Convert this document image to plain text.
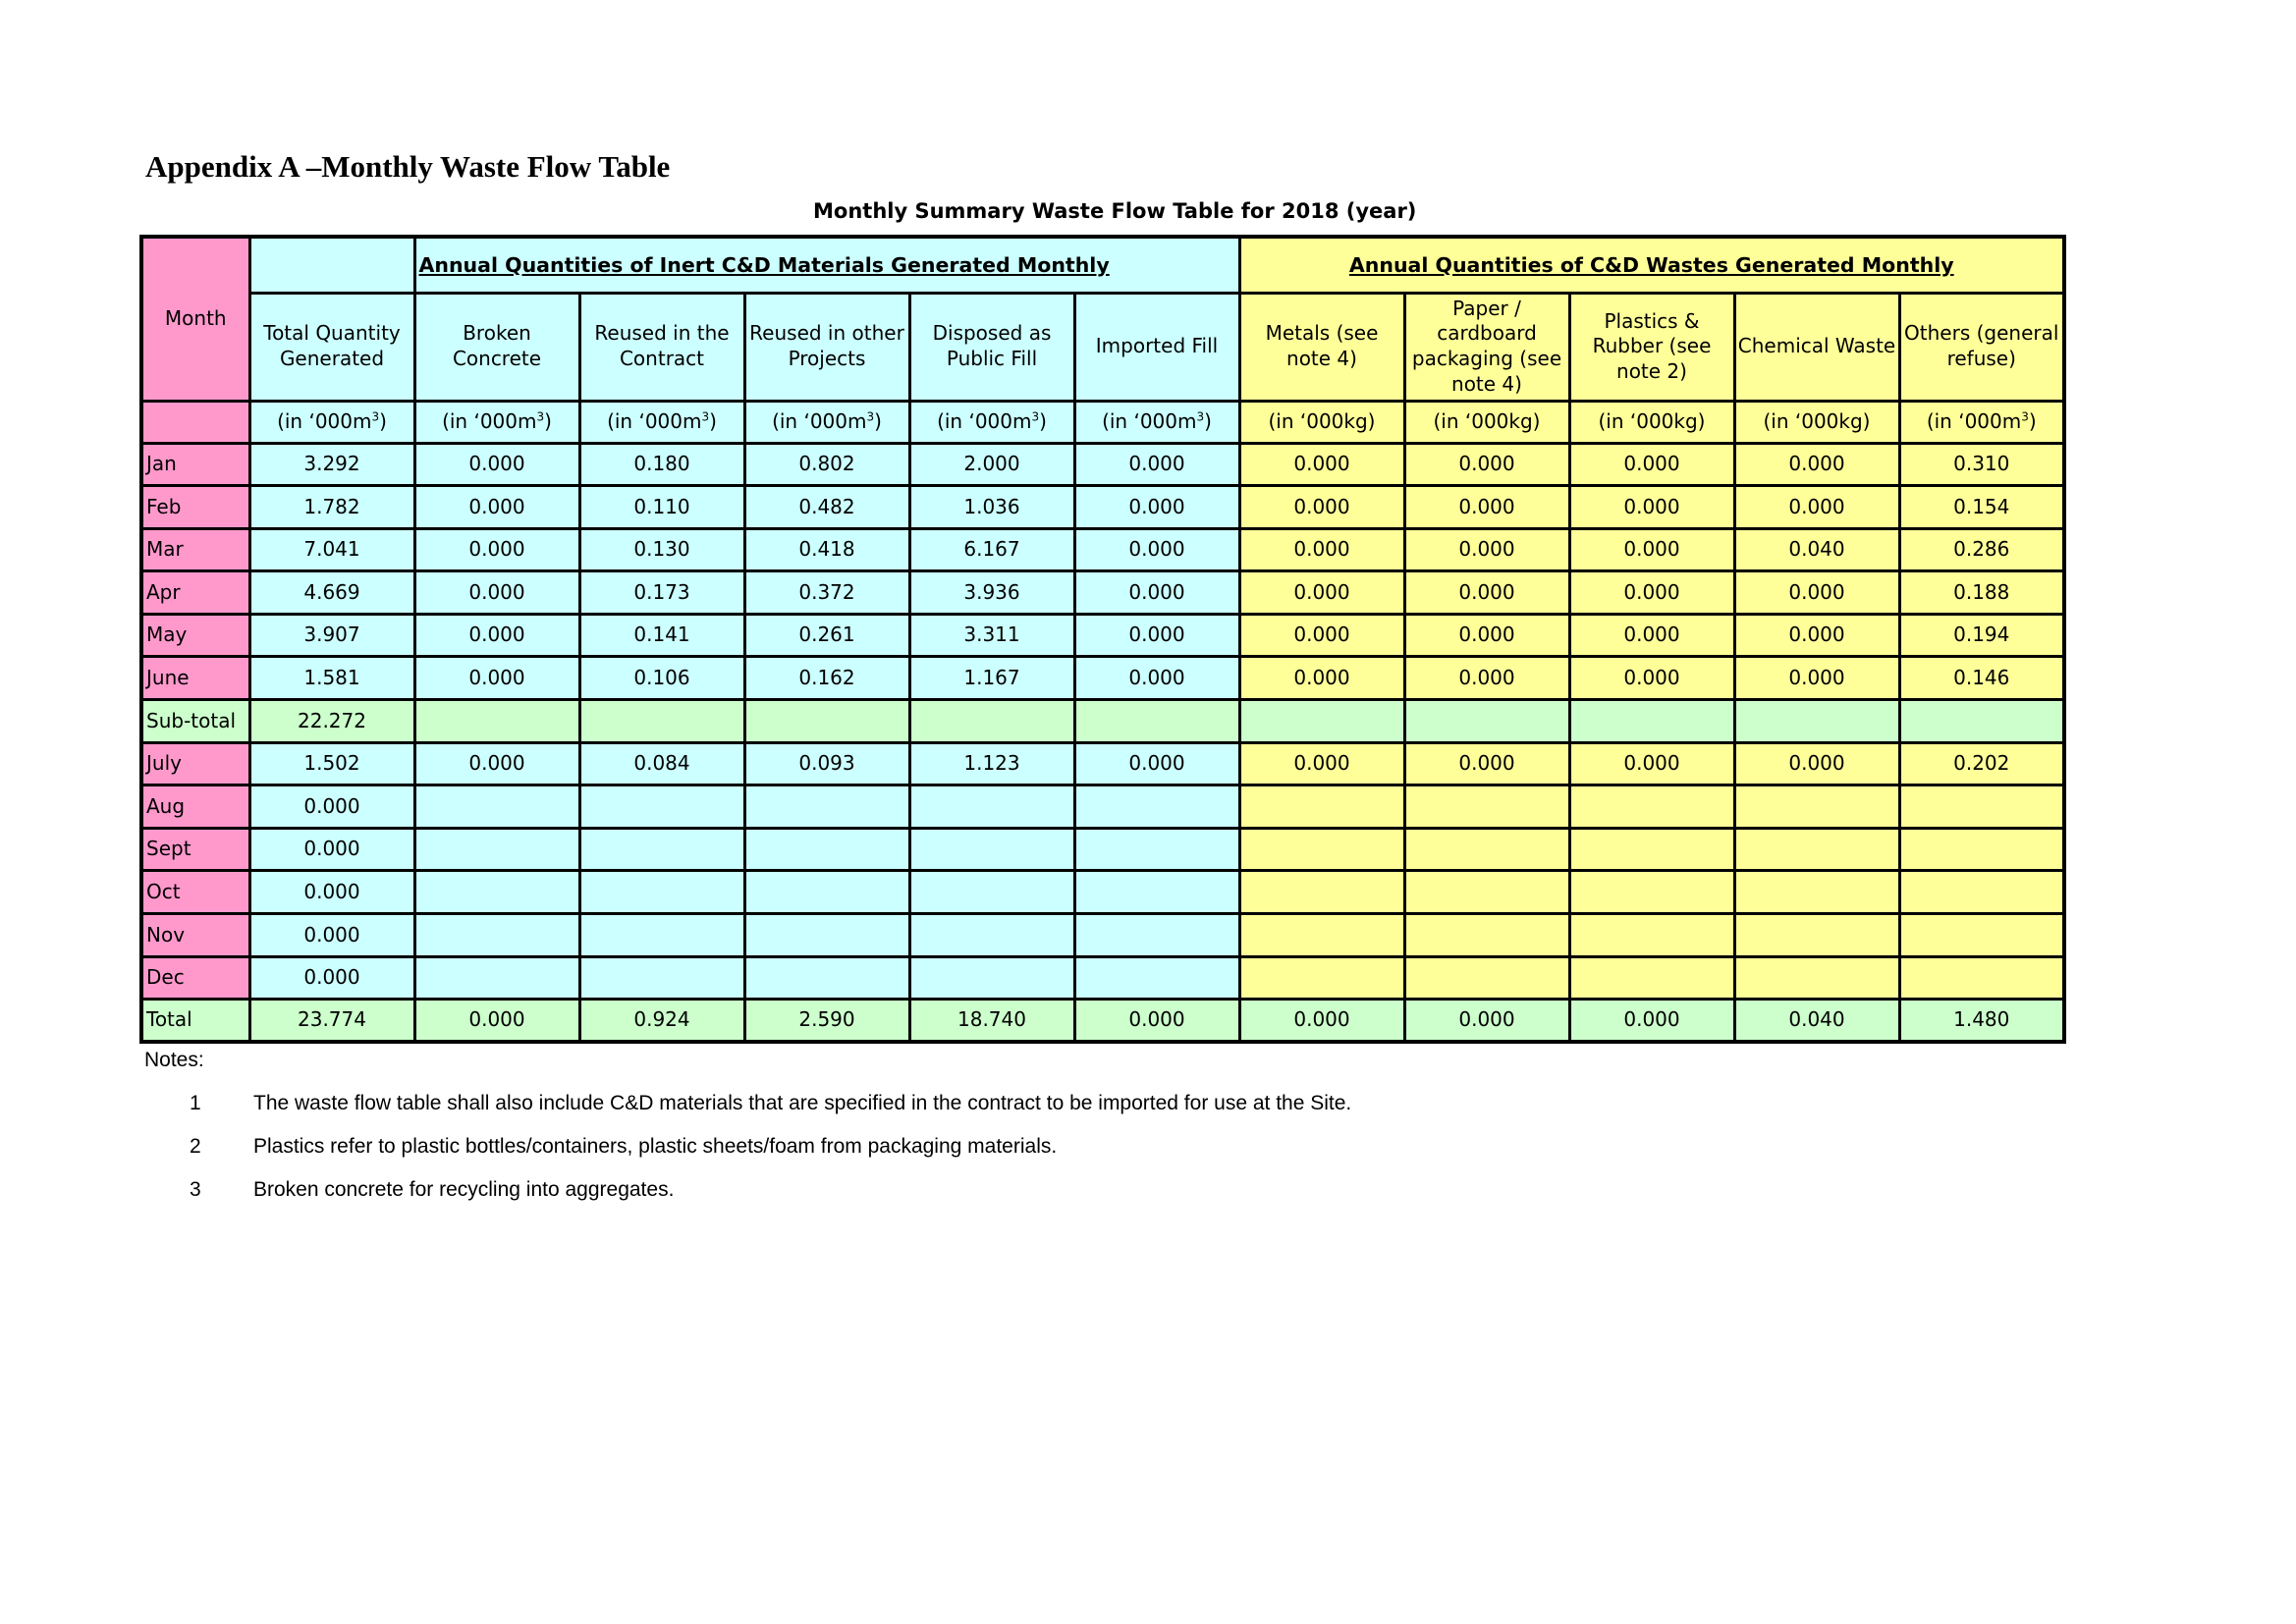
Appendix A –Monthly Waste Flow Table
Monthly Summary Waste Flow Table for 2018 (year)
Month		Annual Quantities of Inert C&D Materials Generated Monthly					Annual Quantities of C&D Wastes Generated Monthly				
	Total Quantity Generated	Broken Concrete	Reused in the Contract	Reused in other Projects	Disposed as Public Fill	Imported Fill	Metals (see note 4)	Paper / cardboard packaging (see note 4)	Plastics & Rubber (see note 2)	Chemical Waste	Others (general refuse)
	(in ‘$000m^3$)	(in ‘$000m^3$)	(in ‘$000m^3$)	(in ‘$000m^3$)	(in ‘$000m^3$)	(in ‘$000m^3$)	(in ‘000kg)	(in ‘000kg)	(in ‘000kg)	(in ‘000kg)	(in ‘$000m^3$)
Jan	3.292	0.000	0.180	0.802	2.000	0.000	0.000	0.000	0.000	0.000	0.310
Feb	1.782	0.000	0.110	0.482	1.036	0.000	0.000	0.000	0.000	0.000	0.154
Mar	7.041	0.000	0.130	0.418	6.167	0.000	0.000	0.000	0.000	0.040	0.286
Apr	4.669	0.000	0.173	0.372	3.936	0.000	0.000	0.000	0.000	0.000	0.188
May	3.907	0.000	0.141	0.261	3.311	0.000	0.000	0.000	0.000	0.000	0.194
June	1.581	0.000	0.106	0.162	1.167	0.000	0.000	0.000	0.000	0.000	0.146
Sub-total	22.272										
July	1.502	0.000	0.084	0.093	1.123	0.000	0.000	0.000	0.000	0.000	0.202
Aug	0.000										
Sept	0.000										
Oct	0.000										
Nov	0.000										
Dec	0.000										
Total	23.774	0.000	0.924	2.590	18.740	0.000	0.000	0.000	0.000	0.040	1.480
Notes:
1	The waste flow table shall also include C&D materials that are specified in the contract to be imported for use at the Site.
2	Plastics refer to plastic bottles/containers, plastic sheets/foam from packaging materials.
3	Broken concrete for recycling into aggregates.
